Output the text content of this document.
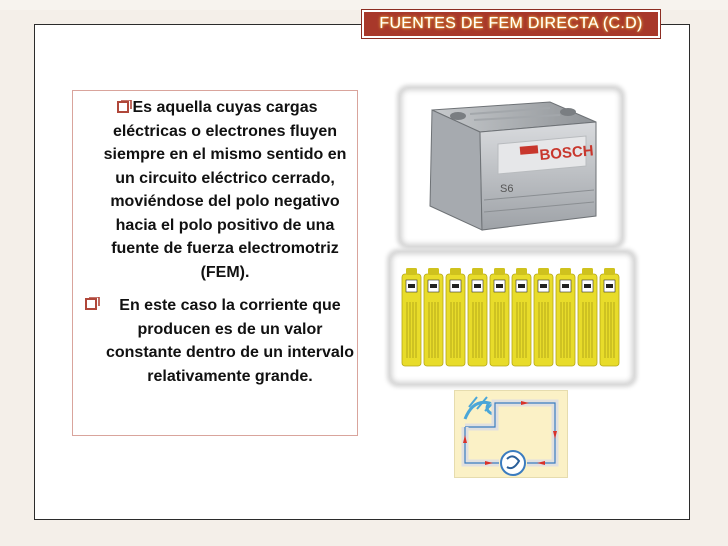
FUENTES DE FEM DIRECTA (C.D)

Es aquella cuyas cargas eléctricas o electrones fluyen siempre en el mismo sentido en un circuito eléctrico cerrado, moviéndose del polo negativo hacia el polo positivo de una fuente de fuerza electromotriz (FEM).

En este caso la corriente que producen es de un valor constante dentro de un intervalo relativamente grande.

BOSCH
S6
